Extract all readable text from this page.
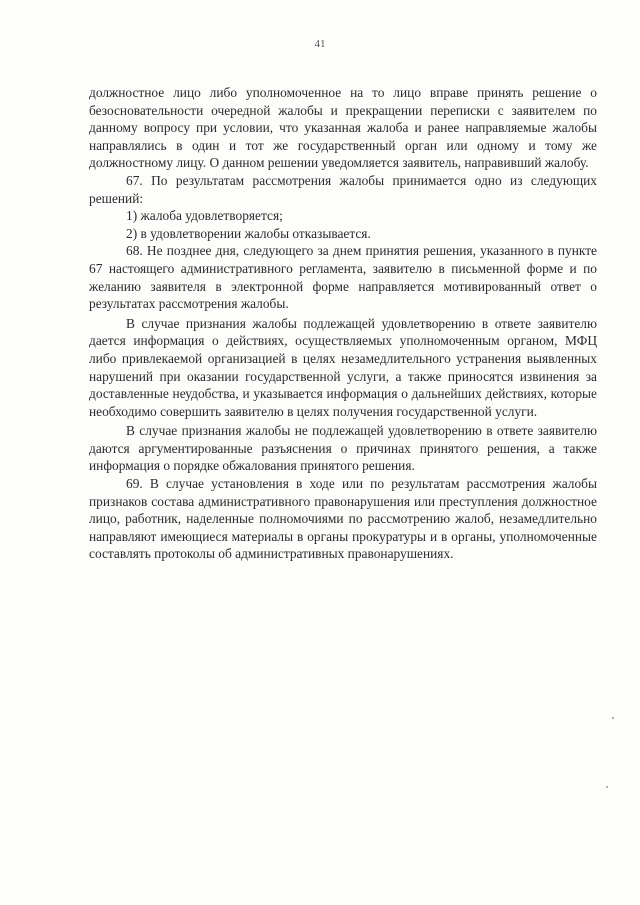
41

должностное лицо либо уполномоченное на то лицо вправе принять решение о безосновательности очередной жалобы и прекращении переписки с заявителем по данному вопросу при условии, что указанная жалоба и ранее направляемые жалобы направлялись в один и тот же государственный орган или одному и тому же должностному лицу. О данном решении уведомляется заявитель, направивший жалобу.

67. По результатам рассмотрения жалобы принимается одно из следующих решений:

1) жалоба удовлетворяется;

2) в удовлетворении жалобы отказывается.

68. Не позднее дня, следующего за днем принятия решения, указанного в пункте 67 настоящего административного регламента, заявителю в письменной форме и по желанию заявителя в электронной форме направляется мотивированный ответ о результатах рассмотрения жалобы.

В случае признания жалобы подлежащей удовлетворению в ответе заявителю дается информация о действиях, осуществляемых уполномоченным органом, МФЦ либо привлекаемой организацией в целях незамедлительного устранения выявленных нарушений при оказании государственной услуги, а также приносятся извинения за доставленные неудобства, и указывается информация о дальнейших действиях, которые необходимо совершить заявителю в целях получения государственной услуги.

В случае признания жалобы не подлежащей удовлетворению в ответе заявителю даются аргументированные разъяснения о причинах принятого решения, а также информация о порядке обжалования принятого решения.

69. В случае установления в ходе или по результатам рассмотрения жалобы признаков состава административного правонарушения или преступления должностное лицо, работник, наделенные полномочиями по рассмотрению жалоб, незамедлительно направляют имеющиеся материалы в органы прокуратуры и в органы, уполномоченные составлять протоколы об административных правонарушениях.
